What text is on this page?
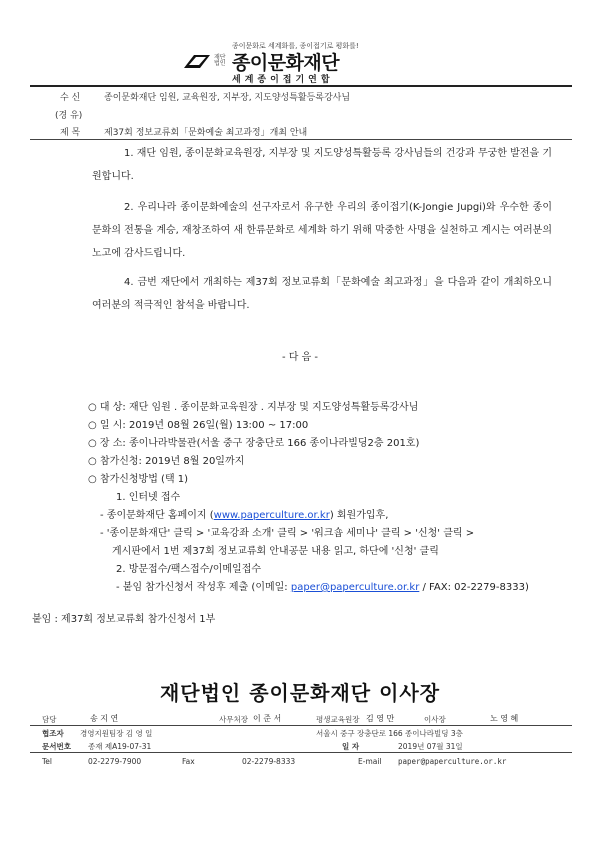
종이문화로 세계화를, 종이접기로 평화를!
재단 법인 종이문화재단
세계종이접기연합
수 신	종이문화재단 임원, 교육원장, 지부장, 지도양성특활등록강사님
(경 유)
제 목	제37회 정보교류회「문화예술 최고과정」개최 안내
1. 재단 임원, 종이문화교육원장, 지부장 및 지도양성특활등록 강사님들의 건강과 무궁한 발전을 기원합니다.
2. 우리나라 종이문화예술의 선구자로서 유구한 우리의 종이접기(K-Jongie Jupgi)와 우수한 종이문화의 전통을 계승, 재창조하여 새 한류문화로 세계화 하기 위해 막중한 사명을 실천하고 계시는 여러분의 노고에 감사드립니다.
4. 금번 재단에서 개최하는 제37회 정보교류회「문화예술 최고과정」을 다음과 같이 개최하오니 여러분의 적극적인 참석을 바랍니다.
- 다 음 -
○ 대 상: 재단 임원 . 종이문화교육원장 . 지부장 및 지도양성특활등록강사님
○ 일 시: 2019년 08월 26일(월) 13:00 ~ 17:00
○ 장 소: 종이나라박물관(서울 중구 장충단로 166 종이나라빌딩2층 201호)
○ 참가신청: 2019년 8월 20일까지
○ 참가신청방법 (택 1)
1. 인터넷 접수
- 종이문화재단 홈페이지 (www.paperculture.or.kr) 회원가입후,
- '종이문화재단' 클릭 > '교육강좌 소개' 클릭 > '워크숍 세미나' 클릭 > '신청' 클릭 >
게시판에서 1번 제37회 정보교류회 안내공문 내용 읽고, 하단에 '신청' 클릭
2. 방문접수/팩스접수/이메일접수
- 붙임 참가신청서 작성후 제출 (이메일: paper@paperculture.or.kr / FAX: 02-2279-8333)
붙임 : 제37회 정보교류회 참가신청서 1부
재단법인 종이문화재단 이사장
담당	송 지 연	사무처장 이 준 서	평생교육원장 김 영 만	이사장	노 영 혜
협조자 경영지원팀장 김 영 일	서울시 중구 장충단로 166 종이나라빌딩 3층
문서번호 종재 제A19-07-31	일 자	2019년 07월 31일
Tel	02-2279-7900	Fax	02-2279-8333	E-mail paper@paperculture.or.kr
